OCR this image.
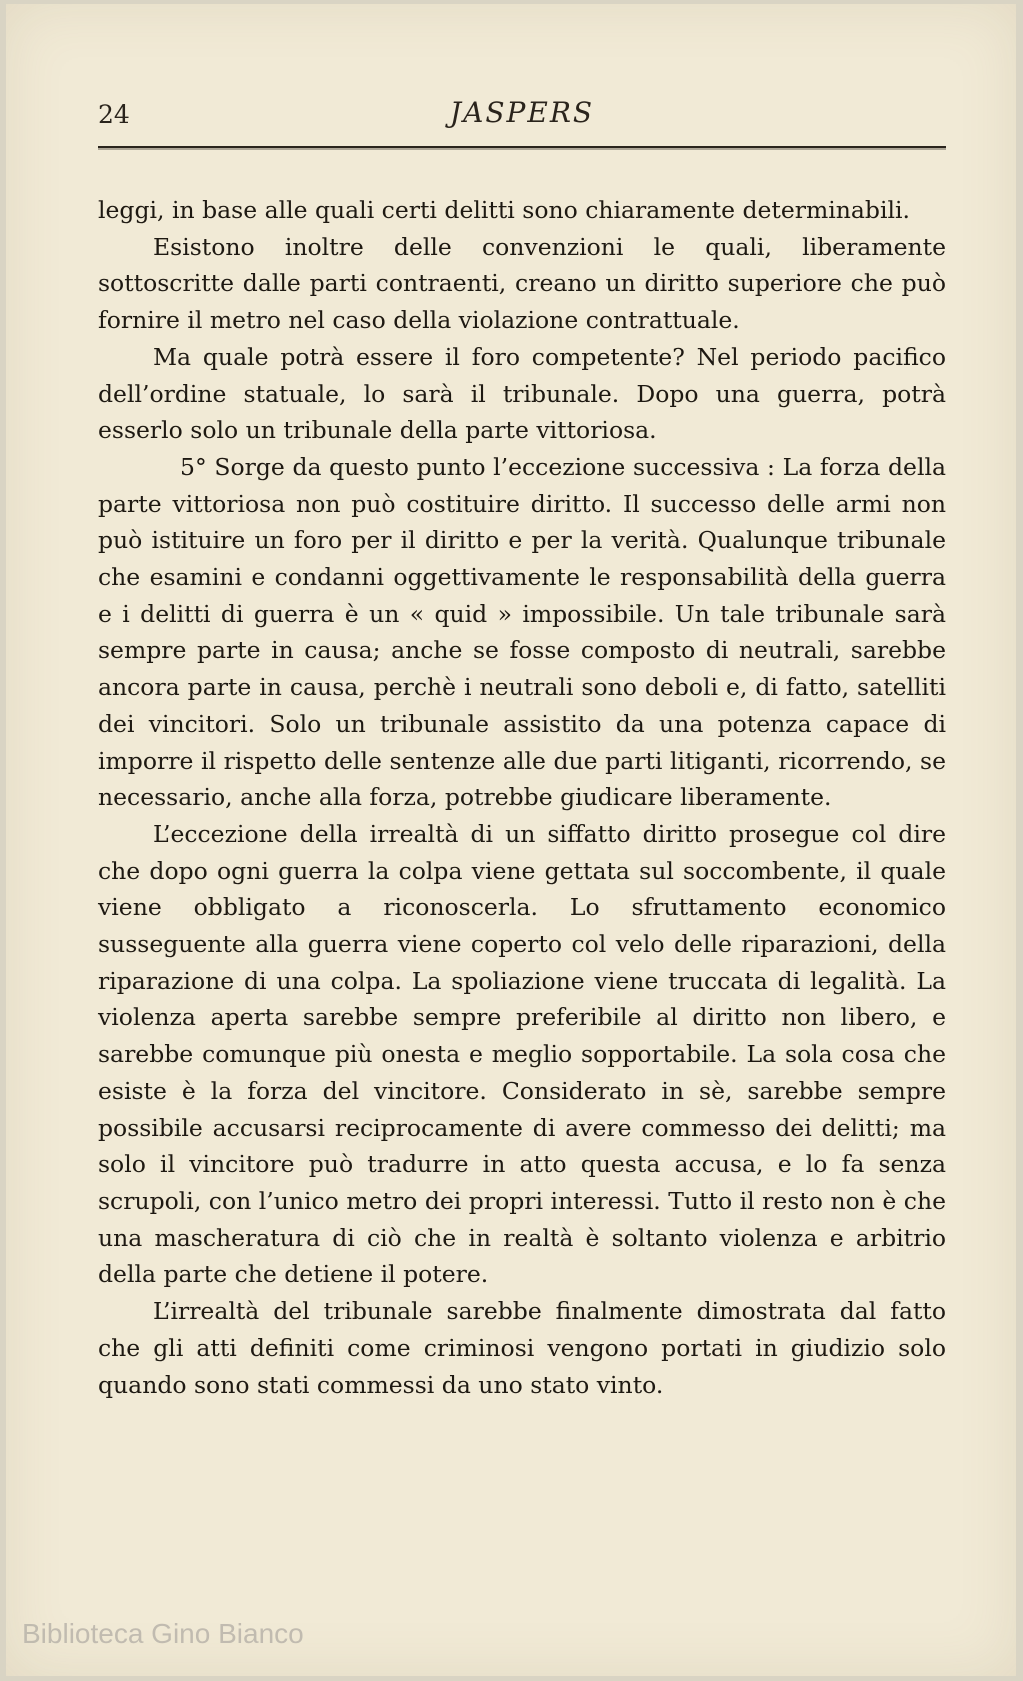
24	JASPERS

leggi, in base alle quali certi delitti sono chiaramente determinabili.

Esistono inoltre delle convenzioni le quali, liberamente sottoscritte dalle parti contraenti, creano un diritto superiore che può fornire il metro nel caso della violazione contrattuale.

Ma quale potrà essere il foro competente? Nel periodo pacifico dell’ordine statuale, lo sarà il tribunale. Dopo una guerra, potrà esserlo solo un tribunale della parte vittoriosa.

5° Sorge da questo punto l’eccezione successiva : La forza della parte vittoriosa non può costituire diritto. Il successo delle armi non può istituire un foro per il diritto e per la verità. Qualunque tribunale che esamini e condanni oggettivamente le responsabilità della guerra e i delitti di guerra è un « quid » impossibile. Un tale tribunale sarà sempre parte in causa; anche se fosse composto di neutrali, sarebbe ancora parte in causa, perchè i neutrali sono deboli e, di fatto, satelliti dei vincitori. Solo un tribunale assistito da una potenza capace di imporre il rispetto delle sentenze alle due parti litiganti, ricorrendo, se necessario, anche alla forza, potrebbe giudicare liberamente.

L’eccezione della irrealtà di un siffatto diritto prosegue col dire che dopo ogni guerra la colpa viene gettata sul soccombente, il quale viene obbligato a riconoscerla. Lo sfruttamento economico susseguente alla guerra viene coperto col velo delle riparazioni, della riparazione di una colpa. La spoliazione viene truccata di legalità. La violenza aperta sarebbe sempre preferibile al diritto non libero, e sarebbe comunque più onesta e meglio sopportabile. La sola cosa che esiste è la forza del vincitore. Considerato in sè, sarebbe sempre possibile accusarsi reciprocamente di avere commesso dei delitti; ma solo il vincitore può tradurre in atto questa accusa, e lo fa senza scrupoli, con l’unico metro dei propri interessi. Tutto il resto non è che una mascheratura di ciò che in realtà è soltanto violenza e arbitrio della parte che detiene il potere.

L’irrealtà del tribunale sarebbe finalmente dimostrata dal fatto che gli atti definiti come criminosi vengono portati in giudizio solo quando sono stati commessi da uno stato vinto.

Biblioteca Gino Bianco
